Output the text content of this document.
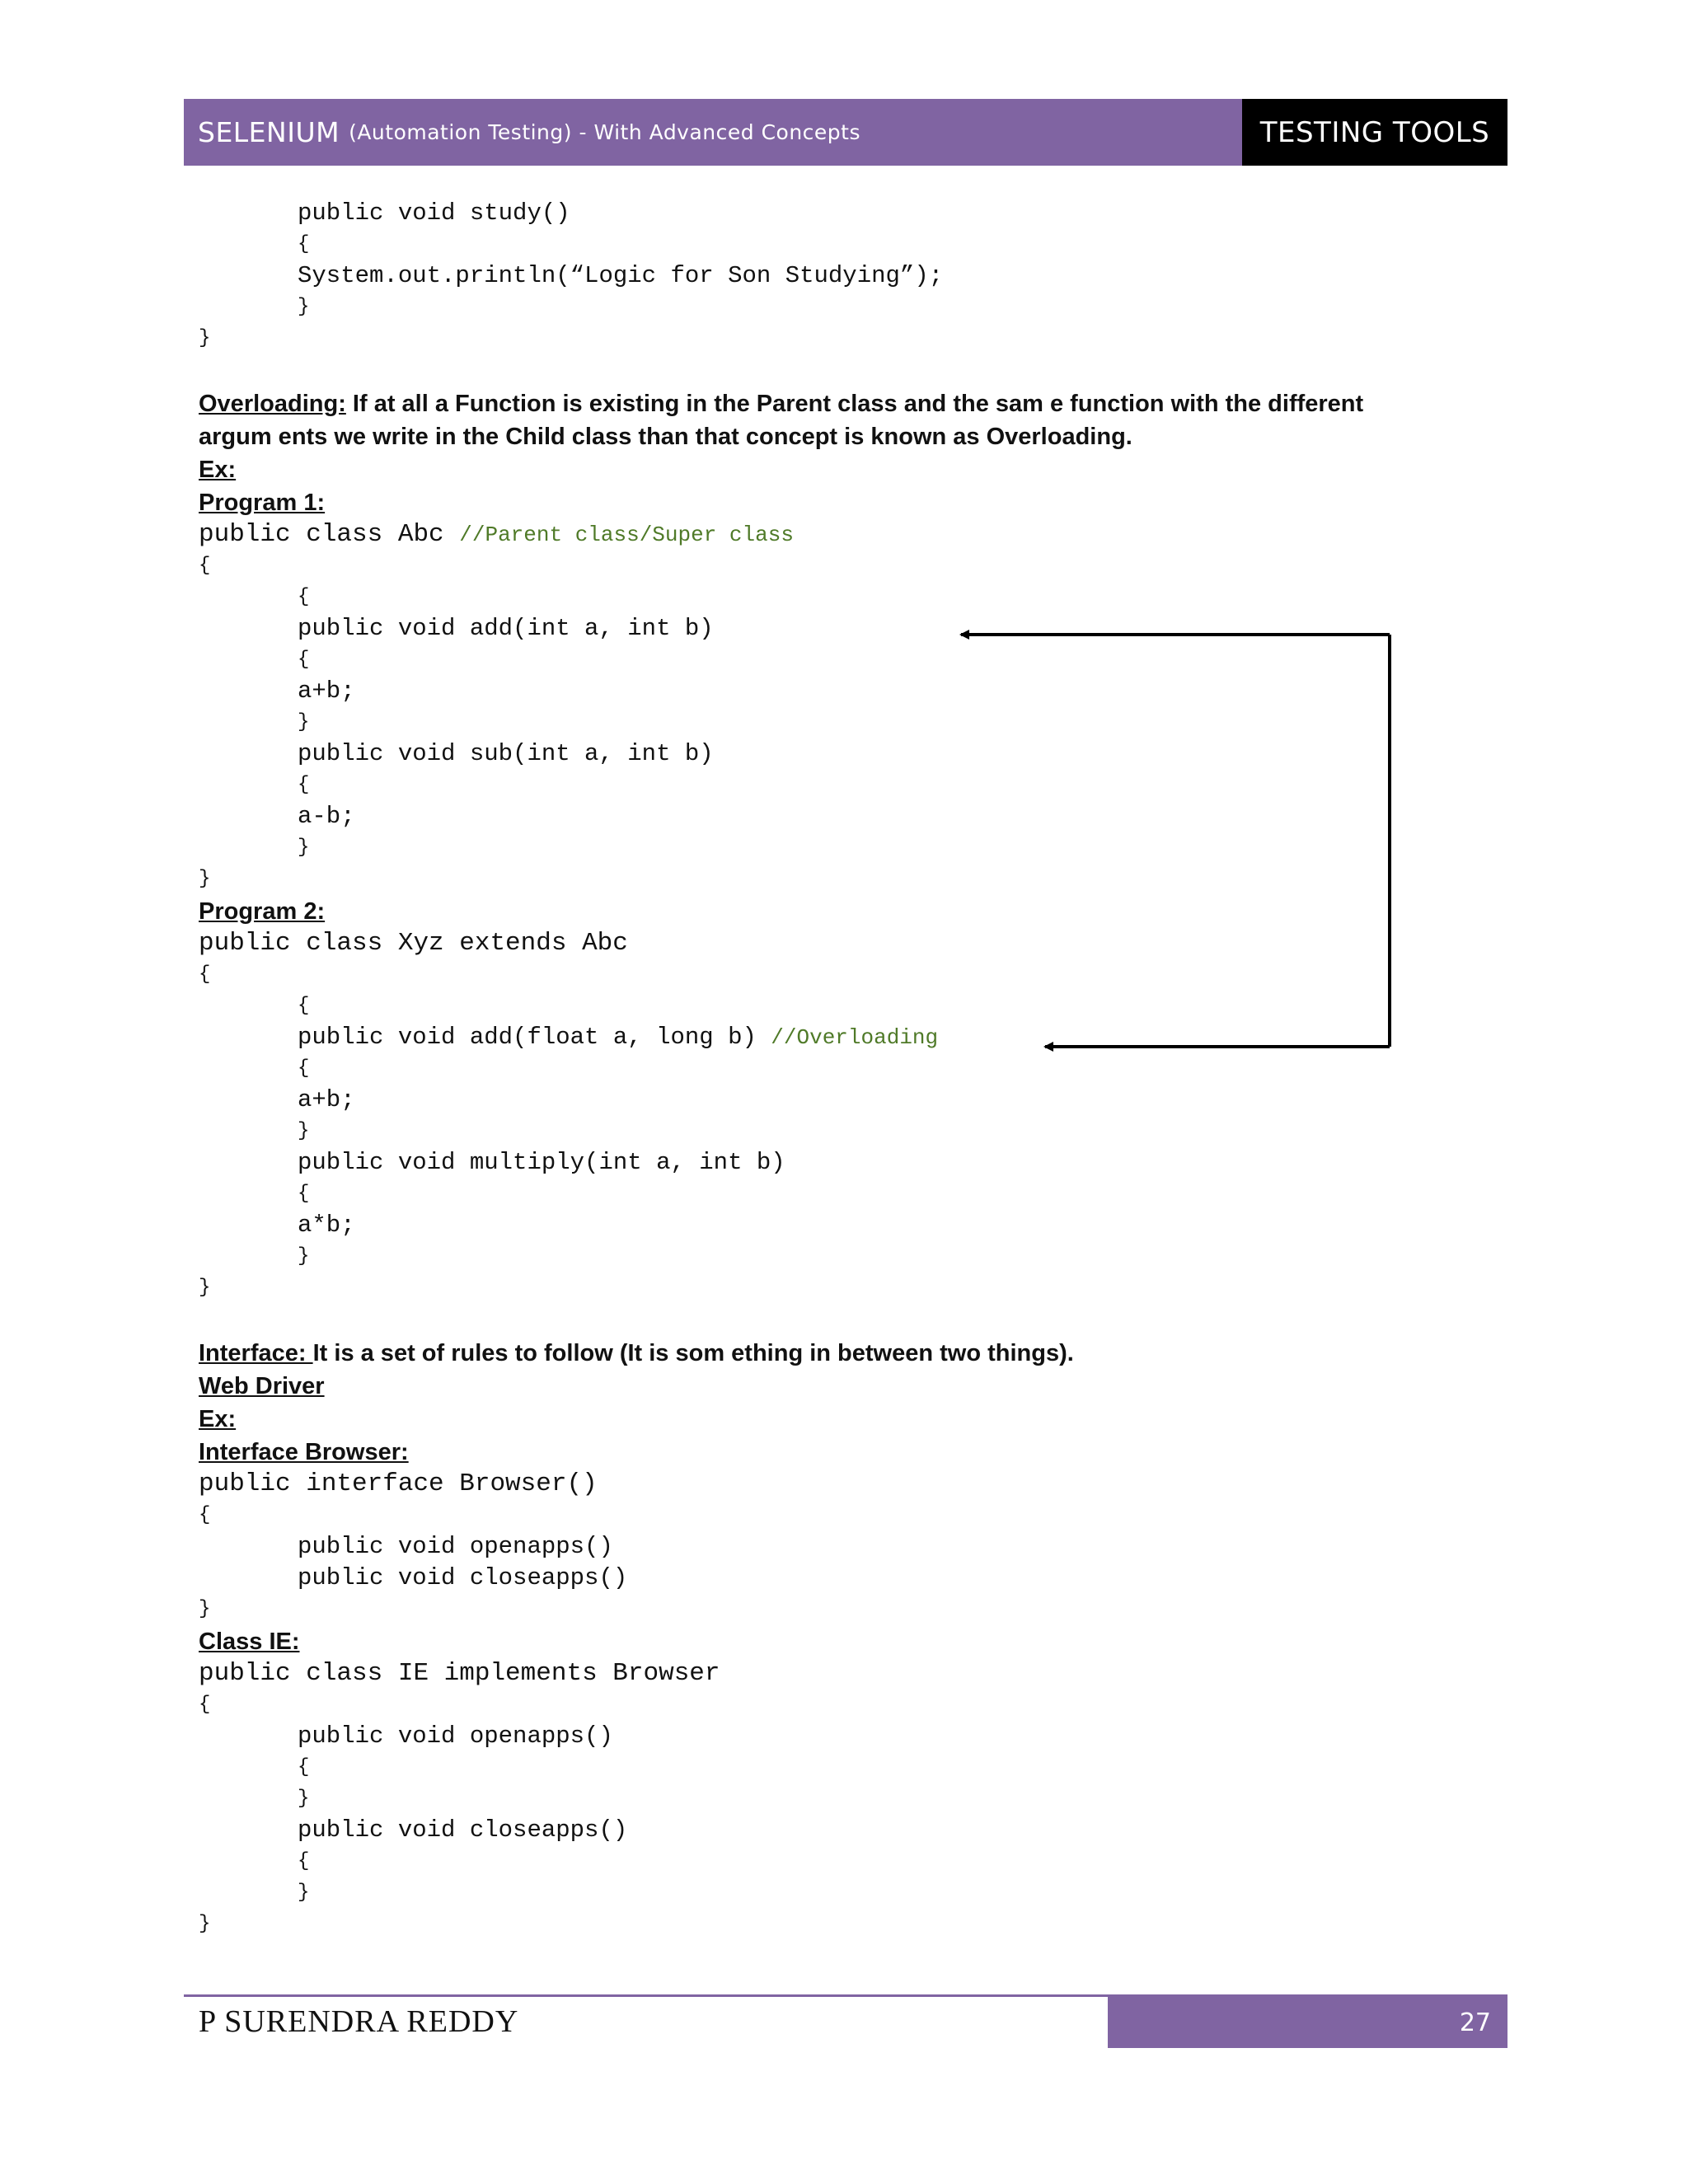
SELENIUM
(Automation Testing) - With Advanced Concepts	TESTING TOOLS
public void study()
{
System.out.println(“Logic for Son Studying”);
}
}
Overloading: If at all a Function is existing in the Parent class and the sam e function with the different argum ents we write in the Child class than that concept is known as Overloading.
Ex:
Program 1:
public class Abc //Parent class/Super class
{
{
public void add(int a, int b)
{
a+b;
}
public void sub(int a, int b)
{
a-b;
}
}
Program 2:
public class Xyz extends Abc
{
{
public void add(float a, long b) //Overloading
{
a+b;
}
public void multiply(int a, int b)
{
a*b;
}
}
Interface: It is a set of rules to follow (It is som ething in between two things).
Web Driver
Ex:
Interface Browser:
public interface Browser()
{
public void openapps()
public void closeapps()
}
Class IE:
public class IE implements Browser
{
public void openapps()
{
}
public void closeapps()
{
}
}
P SURENDRA REDDY	27
